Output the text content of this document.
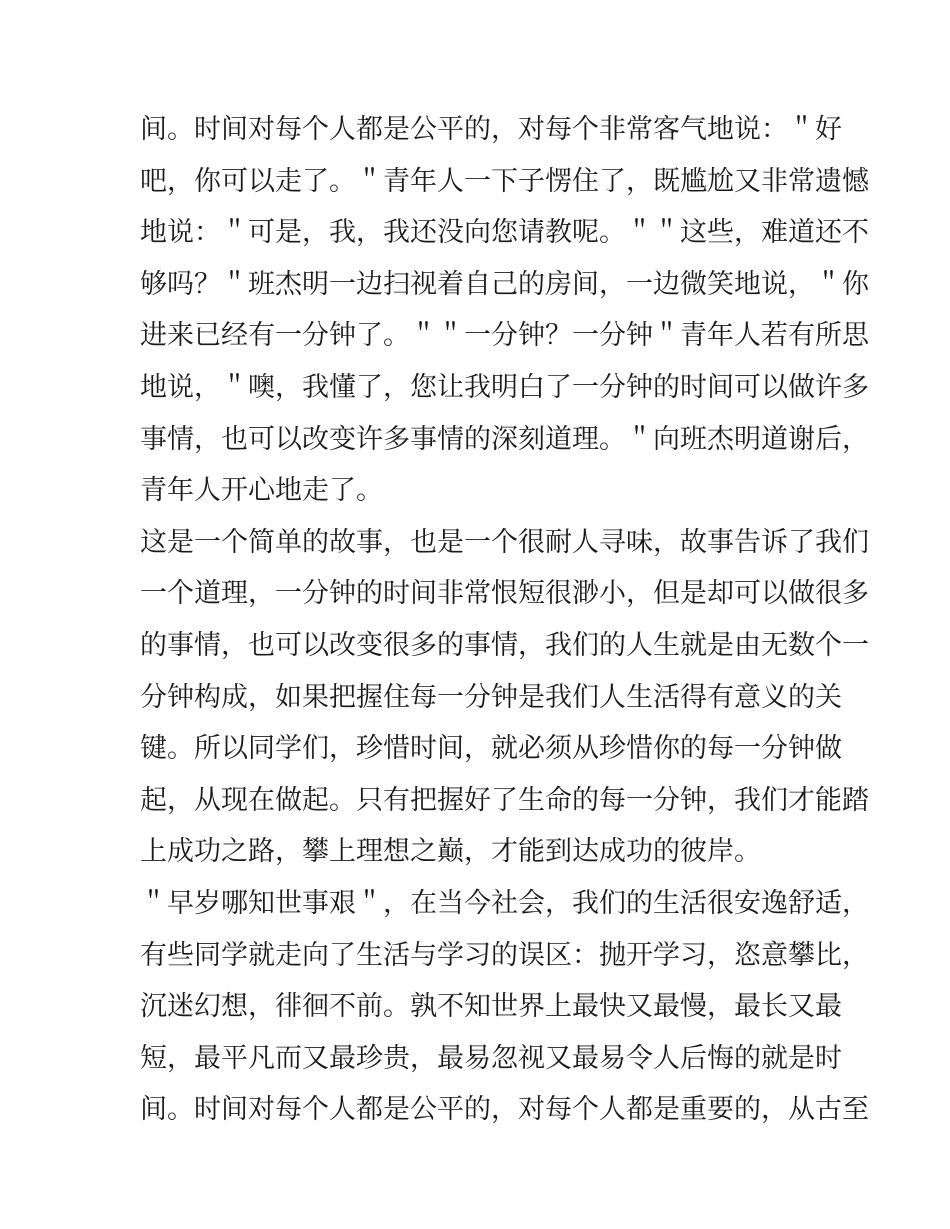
间。时间对每个人都是公平的，对每个非常客气地说：＂好
吧，你可以走了。＂青年人一下子愣住了，既尴尬又非常遗憾
地说：＂可是，我，我还没向您请教呢。＂＂这些，难道还不
够吗？＂班杰明一边扫视着自己的房间，一边微笑地说，＂你
进来已经有一分钟了。＂＂一分钟？一分钟＂青年人若有所思
地说，＂噢，我懂了，您让我明白了一分钟的时间可以做许多
事情，也可以改变许多事情的深刻道理。＂向班杰明道谢后，
青年人开心地走了。
这是一个简单的故事，也是一个很耐人寻味，故事告诉了我们
一个道理，一分钟的时间非常恨短很渺小，但是却可以做很多
的事情，也可以改变很多的事情，我们的人生就是由无数个一
分钟构成，如果把握住每一分钟是我们人生活得有意义的关
键。所以同学们，珍惜时间，就必须从珍惜你的每一分钟做
起，从现在做起。只有把握好了生命的每一分钟，我们才能踏
上成功之路，攀上理想之巅，才能到达成功的彼岸。
＂早岁哪知世事艰＂，在当今社会，我们的生活很安逸舒适，
有些同学就走向了生活与学习的误区：抛开学习，恣意攀比，
沉迷幻想，徘徊不前。孰不知世界上最快又最慢，最长又最
短，最平凡而又最珍贵，最易忽视又最易令人后悔的就是时
间。时间对每个人都是公平的，对每个人都是重要的，从古至
